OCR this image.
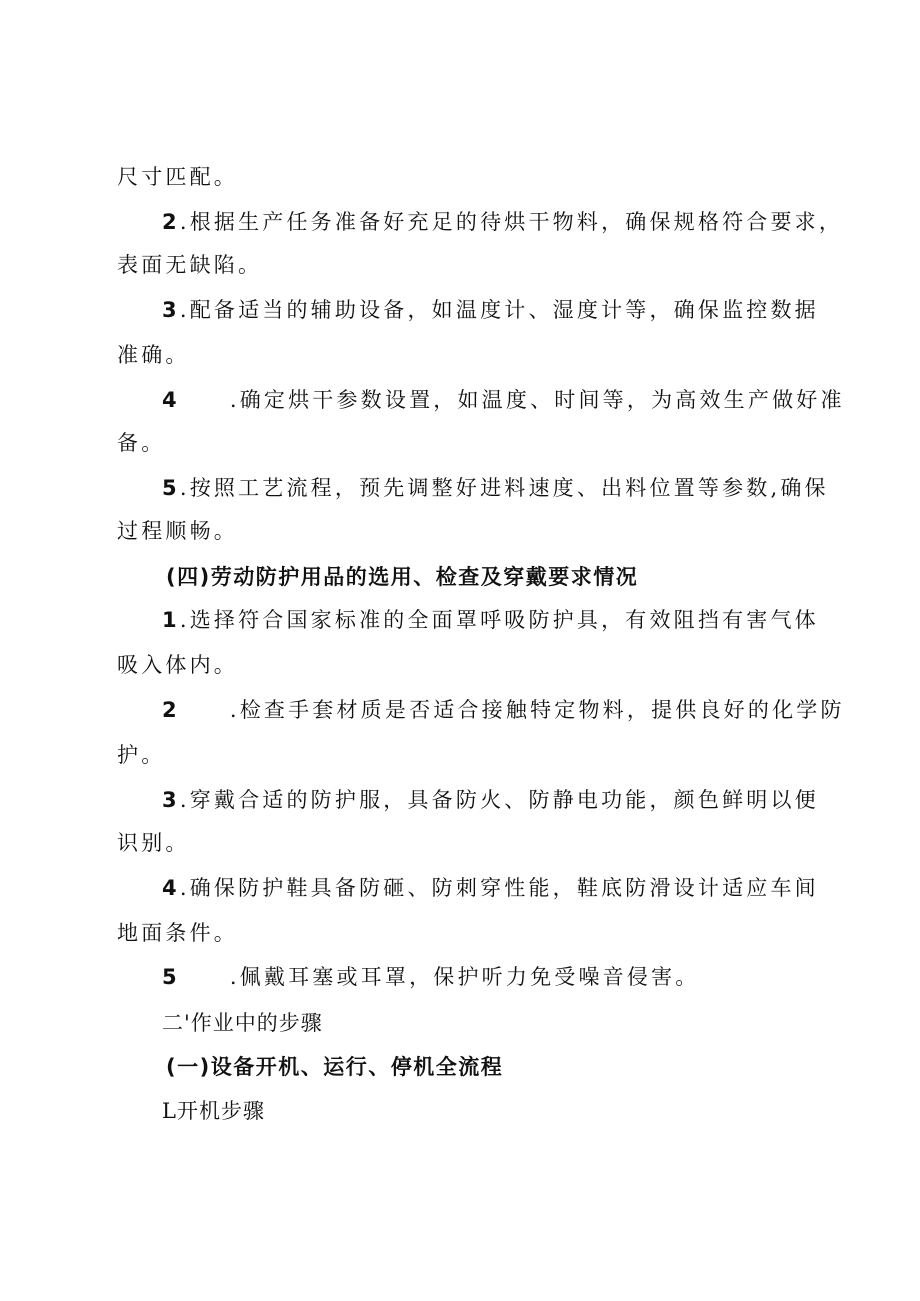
尺寸匹配。
2.根据生产任务准备好充足的待烘干物料，确保规格符合要求，
表面无缺陷。
3.配备适当的辅助设备，如温度计、湿度计等，确保监控数据
准确。
4 .确定烘干参数设置，如温度、时间等，为高效生产做好准
备。
5.按照工艺流程，预先调整好进料速度、出料位置等参数,确保
过程顺畅。
(四)劳动防护用品的选用、检查及穿戴要求情况
1.选择符合国家标准的全面罩呼吸防护具，有效阻挡有害气体
吸入体内。
2 .检查手套材质是否适合接触特定物料，提供良好的化学防
护。
3.穿戴合适的防护服，具备防火、防静电功能，颜色鲜明以便
识别。
4.确保防护鞋具备防砸、防刺穿性能，鞋底防滑设计适应车间
地面条件。
5 .佩戴耳塞或耳罩，保护听力免受噪音侵害。
二'作业中的步骤
(一)设备开机、运行、停机全流程
L开机步骤
